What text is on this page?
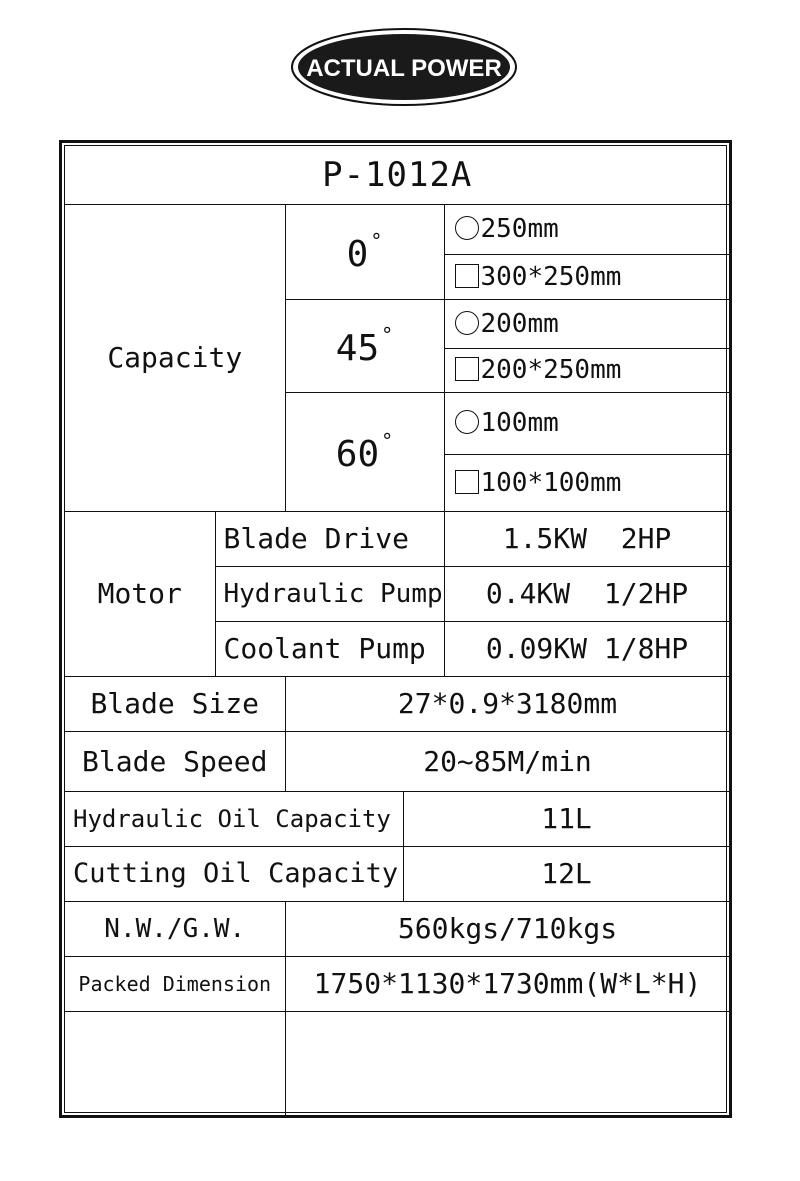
ACTUAL POWER
P-1012A				
Capacity		0 °		250mm
				300*250mm
		45 °		200mm
				200*250mm
		60 °		100mm
				100*100mm
Motor	Blade Drive			1.5KW  2HP
	Hydraulic Pump			0.4KW  1/2HP
	Coolant Pump			0.09KW 1/8HP
Blade Size		27*0.9*3180mm		
Blade Speed		20~85M/min		
Hydraulic Oil Capacity			11L	
Cutting Oil Capacity			12L	
N.W./G.W.		560kgs/710kgs		
Packed Dimension		1750*1130*1730mm(W*L*H)		
